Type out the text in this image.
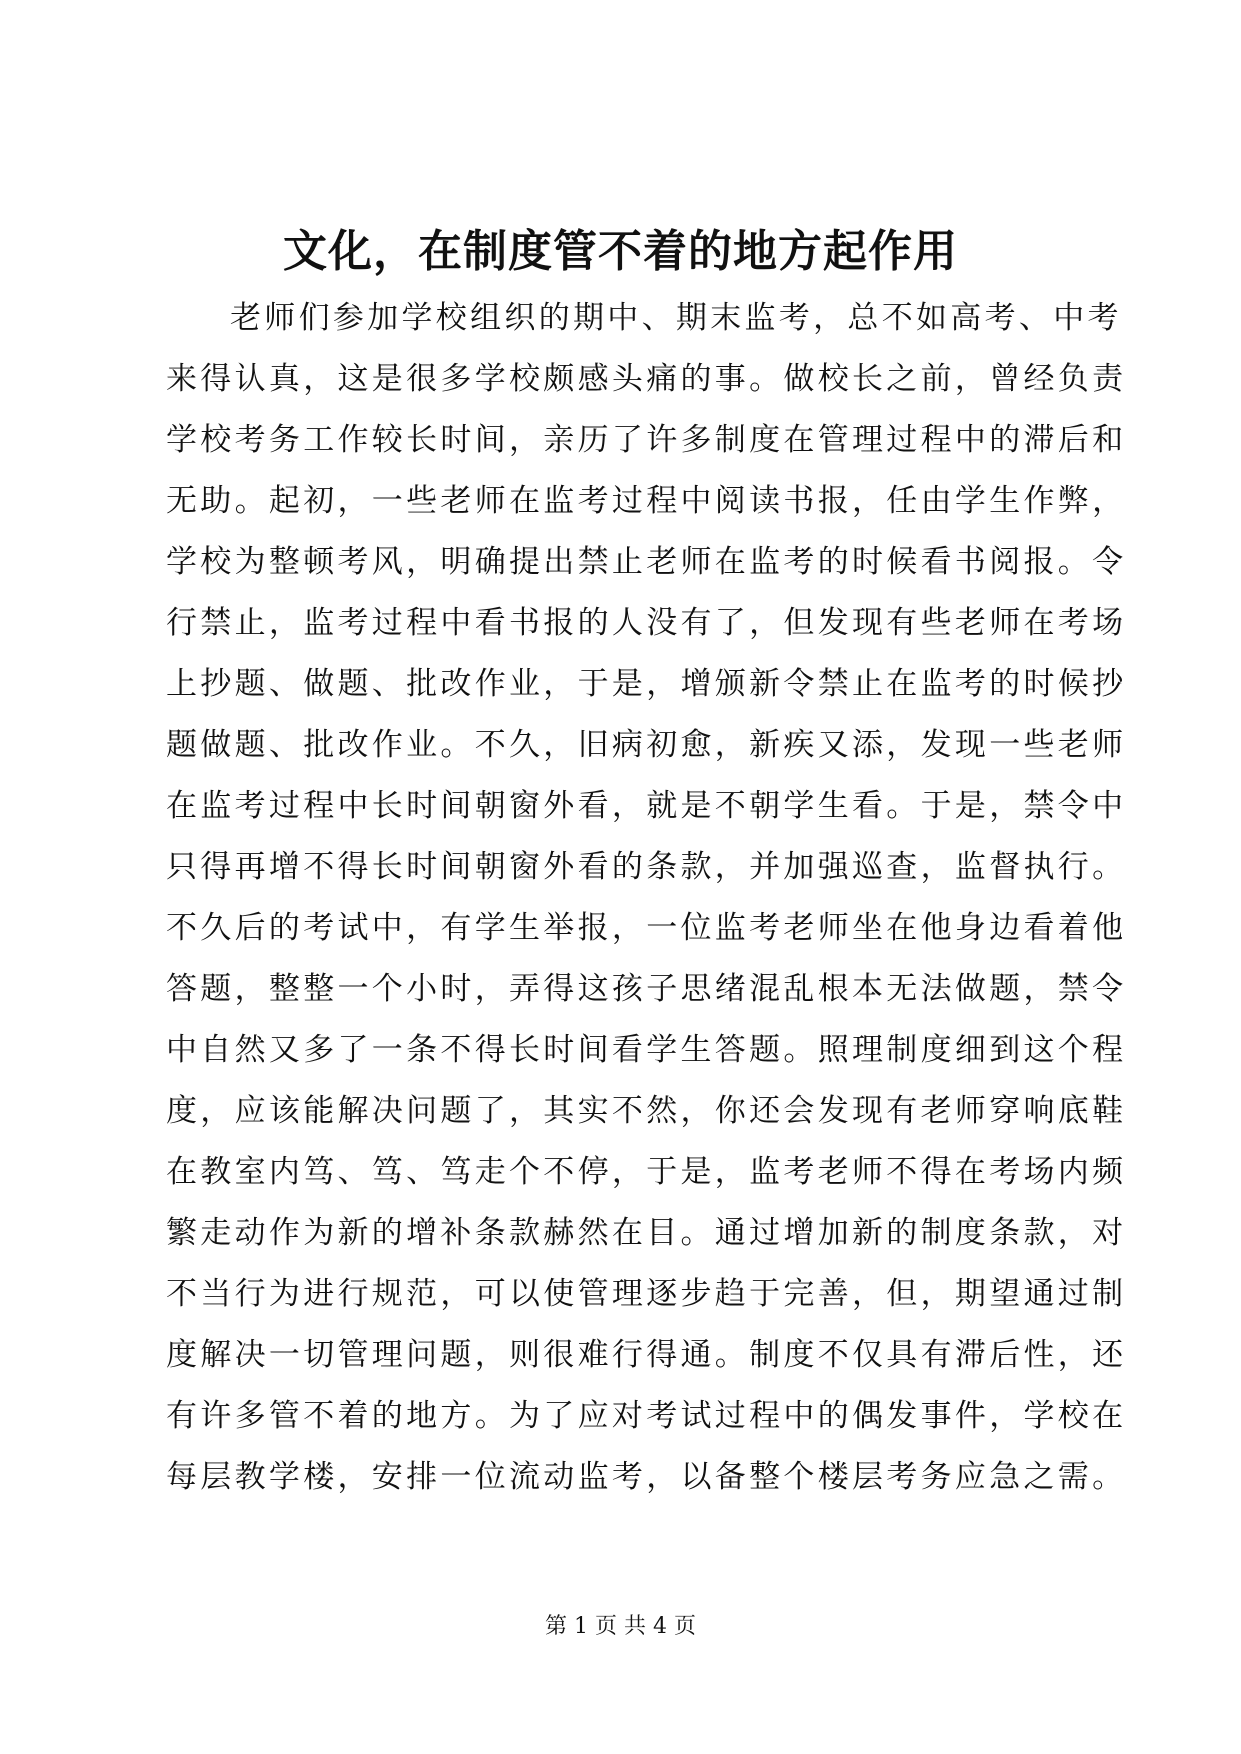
文化，在制度管不着的地方起作用
老师们参加学校组织的期中、期末监考，总不如高考、中考
来得认真，这是很多学校颇感头痛的事。做校长之前，曾经负责
学校考务工作较长时间，亲历了许多制度在管理过程中的滞后和
无助。起初，一些老师在监考过程中阅读书报，任由学生作弊，
学校为整顿考风，明确提出禁止老师在监考的时候看书阅报。令
行禁止，监考过程中看书报的人没有了，但发现有些老师在考场
上抄题、做题、批改作业，于是，增颁新令禁止在监考的时候抄
题做题、批改作业。不久，旧病初愈，新疾又添，发现一些老师
在监考过程中长时间朝窗外看，就是不朝学生看。于是，禁令中
只得再增不得长时间朝窗外看的条款，并加强巡查，监督执行。
不久后的考试中，有学生举报，一位监考老师坐在他身边看着他
答题，整整一个小时，弄得这孩子思绪混乱根本无法做题，禁令
中自然又多了一条不得长时间看学生答题。照理制度细到这个程
度，应该能解决问题了，其实不然，你还会发现有老师穿响底鞋
在教室内笃、笃、笃走个不停，于是，监考老师不得在考场内频
繁走动作为新的增补条款赫然在目。通过增加新的制度条款，对
不当行为进行规范，可以使管理逐步趋于完善，但，期望通过制
度解决一切管理问题，则很难行得通。制度不仅具有滞后性，还
有许多管不着的地方。为了应对考试过程中的偶发事件，学校在
每层教学楼，安排一位流动监考，以备整个楼层考务应急之需。
第 1 页 共 4 页
